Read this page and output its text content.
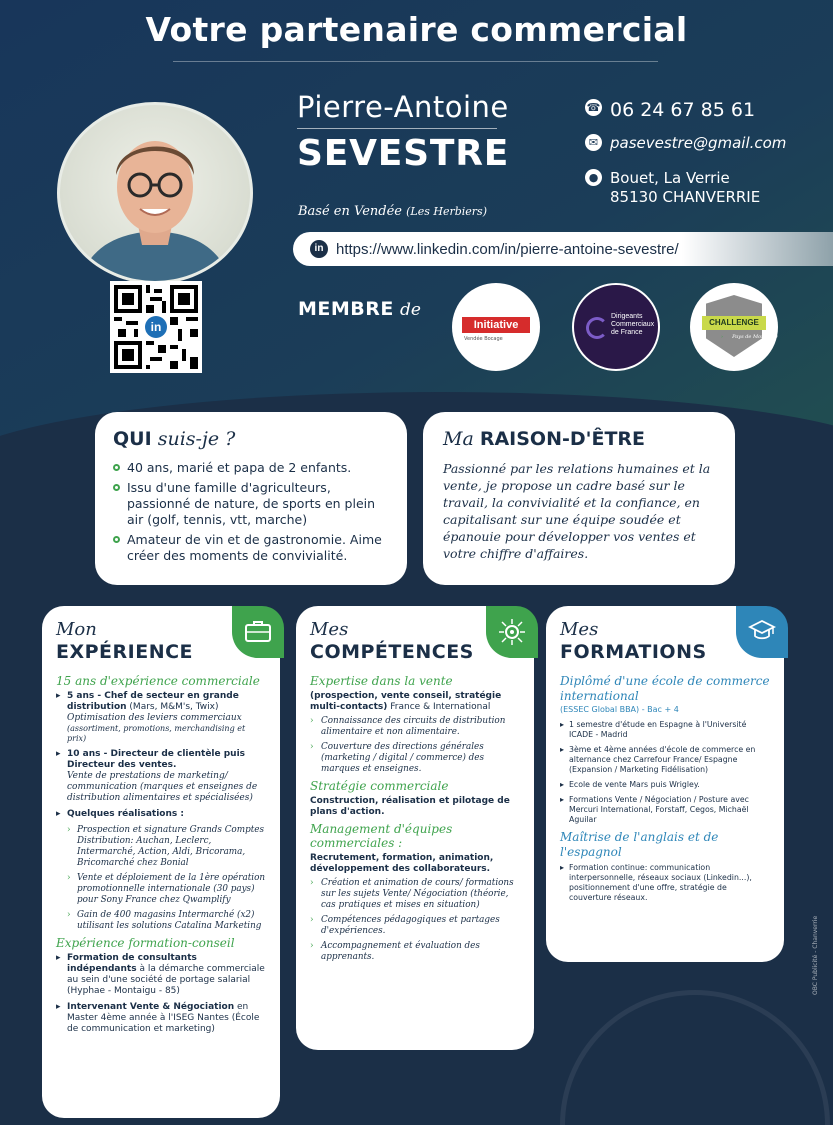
Votre partenaire commercial
in
Pierre-Antoine
SEVESTRE
Basé en Vendée (Les Herbiers)
☎ 06 24 67 85 61
✉ pasevestre@gmail.com
● Bouet, La Verrie
85130 CHANVERRIE
in https://www.linkedin.com/in/pierre-antoine-sevestre/
MEMBRE de
Initiative
Vendée Bocage
Dirigeants Commerciaux de France
CHALLENGE
› Pays de Mortagne
QUI suis-je ?
40 ans, marié et papa de 2 enfants.
Issu d'une famille d'agriculteurs, passionné de nature, de sports en plein air (golf, tennis, vtt, marche)
Amateur de vin et de gastronomie. Aime créer des moments de convivialité.
Ma RAISON-D'ÊTRE
Passionné par les relations humaines et la vente, je propose un cadre basé sur le travail, la convivialité et la confiance, en capitalisant sur une équipe soudée et épanouie pour développer vos ventes et votre chiffre d'affaires.
Mon
EXPÉRIENCE
15 ans d'expérience commerciale
▸ 5 ans - Chef de secteur en grande distribution (Mars, M&M's, Twix)
Optimisation des leviers commerciaux
(assortiment, promotions, merchandising et prix)
▸ 10 ans - Directeur de clientèle puis Directeur des ventes.
Vente de prestations de marketing/ communication (marques et enseignes de distribution alimentaires et spécialisées)
▸ Quelques réalisations :
› Prospection et signature Grands Comptes Distribution: Auchan, Leclerc, Intermarché, Action, Aldi, Bricorama, Bricomarché chez Bonial
› Vente et déploiement de la 1ère opération promotionnelle internationale (30 pays) pour Sony France chez Qwamplify
› Gain de 400 magasins Intermarché (x2) utilisant les solutions Catalina Marketing
Expérience formation-conseil
▸ Formation de consultants indépendants à la démarche commerciale au sein d'une société de portage salarial (Hyphae - Montaigu - 85)
▸ Intervenant Vente & Négociation en Master 4ème année à l'ISEG Nantes (École de communication et marketing)
Mes
COMPÉTENCES
Expertise dans la vente
(prospection, vente conseil, stratégie multi-contacts) France & International
› Connaissance des circuits de distribution alimentaire et non alimentaire.
› Couverture des directions générales (marketing / digital / commerce) des marques et enseignes.
Stratégie commerciale
Construction, réalisation et pilotage de plans d'action.
Management d'équipes commerciales :
Recrutement, formation, animation, développement des collaborateurs.
› Création et animation de cours/ formations sur les sujets Vente/ Négociation (théorie, cas pratiques et mises en situation)
› Compétences pédagogiques et partages d'expériences.
› Accompagnement et évaluation des apprenants.
Mes
FORMATIONS
Diplômé d'une école de commerce international
(ESSEC Global BBA) - Bac + 4
▸ 1 semestre d'étude en Espagne à l'Université ICADE - Madrid
▸ 3ème et 4ème années d'école de commerce en alternance chez Carrefour France/ Espagne (Expansion / Marketing Fidélisation)
▸ Ecole de vente Mars puis Wrigley.
▸ Formations Vente / Négociation / Posture avec Mercuri International, Forstaff, Cegos, Michaël Aguilar
Maîtrise de l'anglais et de l'espagnol
▸ Formation continue: communication interpersonnelle, réseaux sociaux (Linkedin...), positionnement d'une offre, stratégie de couverture réseaux.
OBC Publicité - Chanverrie
